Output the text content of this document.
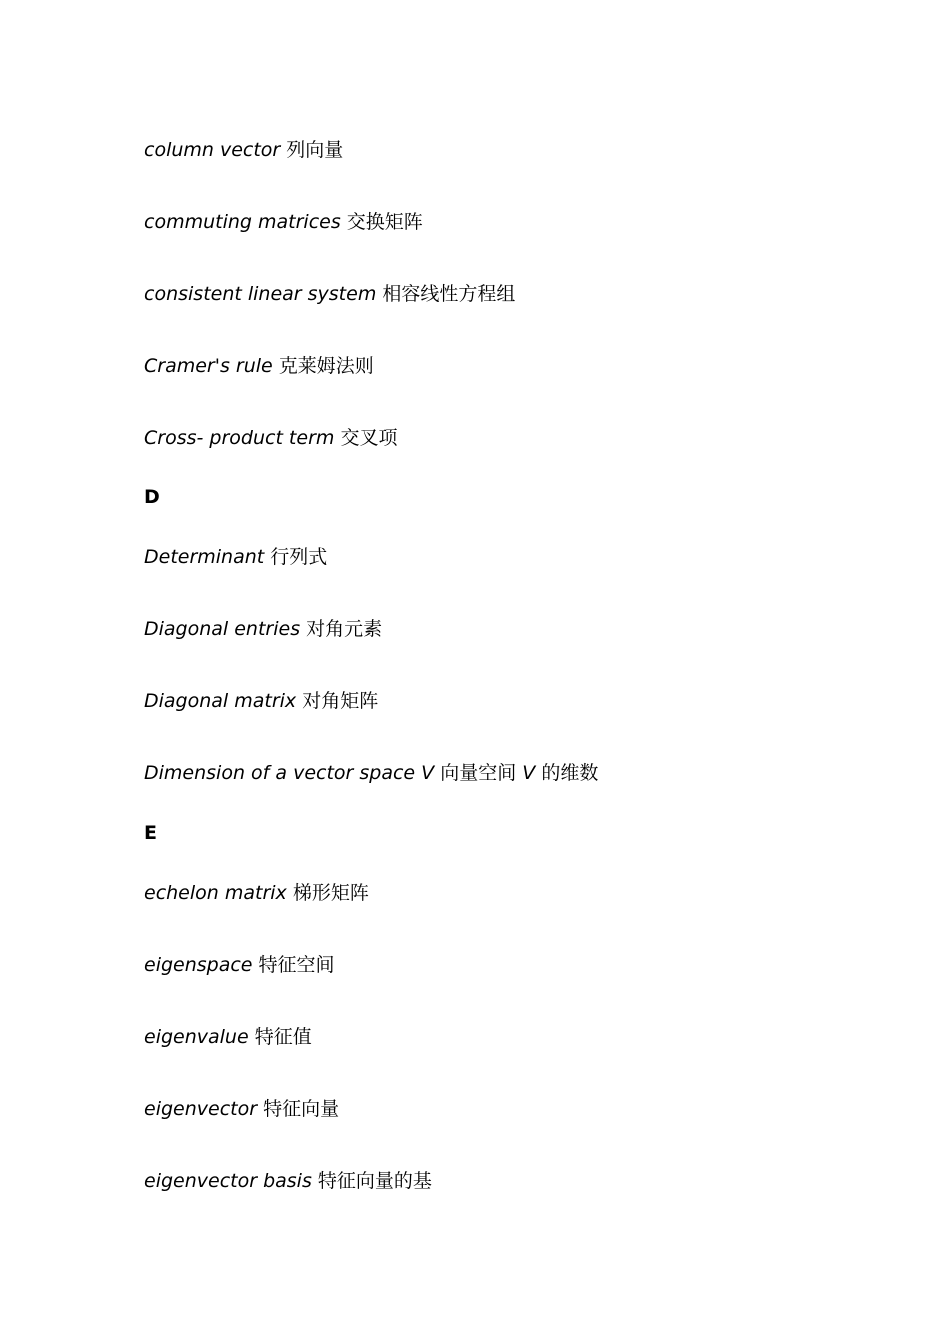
column vector 列向量
commuting matrices 交换矩阵
consistent linear system 相容线性方程组
Cramer's rule 克莱姆法则
Cross- product term 交叉项
D
Determinant 行列式
Diagonal entries 对角元素
Diagonal matrix 对角矩阵
Dimension of a vector space V 向量空间 V 的维数
E
echelon matrix 梯形矩阵
eigenspace 特征空间
eigenvalue 特征值
eigenvector 特征向量
eigenvector basis 特征向量的基
